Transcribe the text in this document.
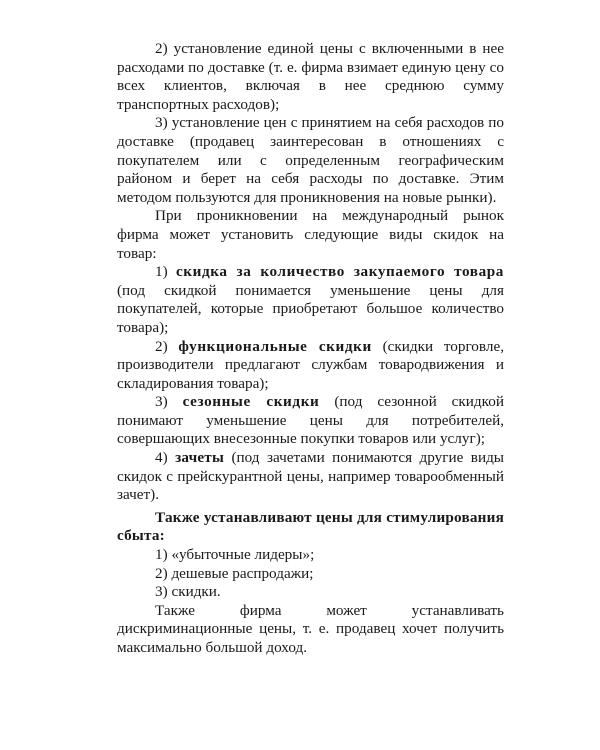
2) установление единой цены с включенными в нее расходами по доставке (т. е. фирма взимает единую цену со всех клиентов, включая в нее среднюю сумму транспортных расходов);

3) установление цен с принятием на себя расходов по доставке (продавец заинтересован в отношениях с покупателем или с определенным географическим районом и берет на себя расходы по доставке. Этим методом пользуются для проникновения на новые рынки).

При проникновении на международный рынок фирма может установить следующие виды скидок на товар:

1) скидка за количество закупаемого товара (под скидкой понимается уменьшение цены для покупателей, которые приобретают большое количество товара);

2) функциональные скидки (скидки торговле, производители предлагают службам товародвижения и складирования товара);

3) сезонные скидки (под сезонной скидкой понимают уменьшение цены для потребителей, совершающих внесезонные покупки товаров или услуг);

4) зачеты (под зачетами понимаются другие виды скидок с прейскурантной цены, например товарообменный зачет).

Также устанавливают цены для стимулирования сбыта:

1) «убыточные лидеры»;

2) дешевые распродажи;

3) скидки.

Также фирма может устанавливать дискриминационные цены, т. е. продавец хочет получить максимально большой доход.
